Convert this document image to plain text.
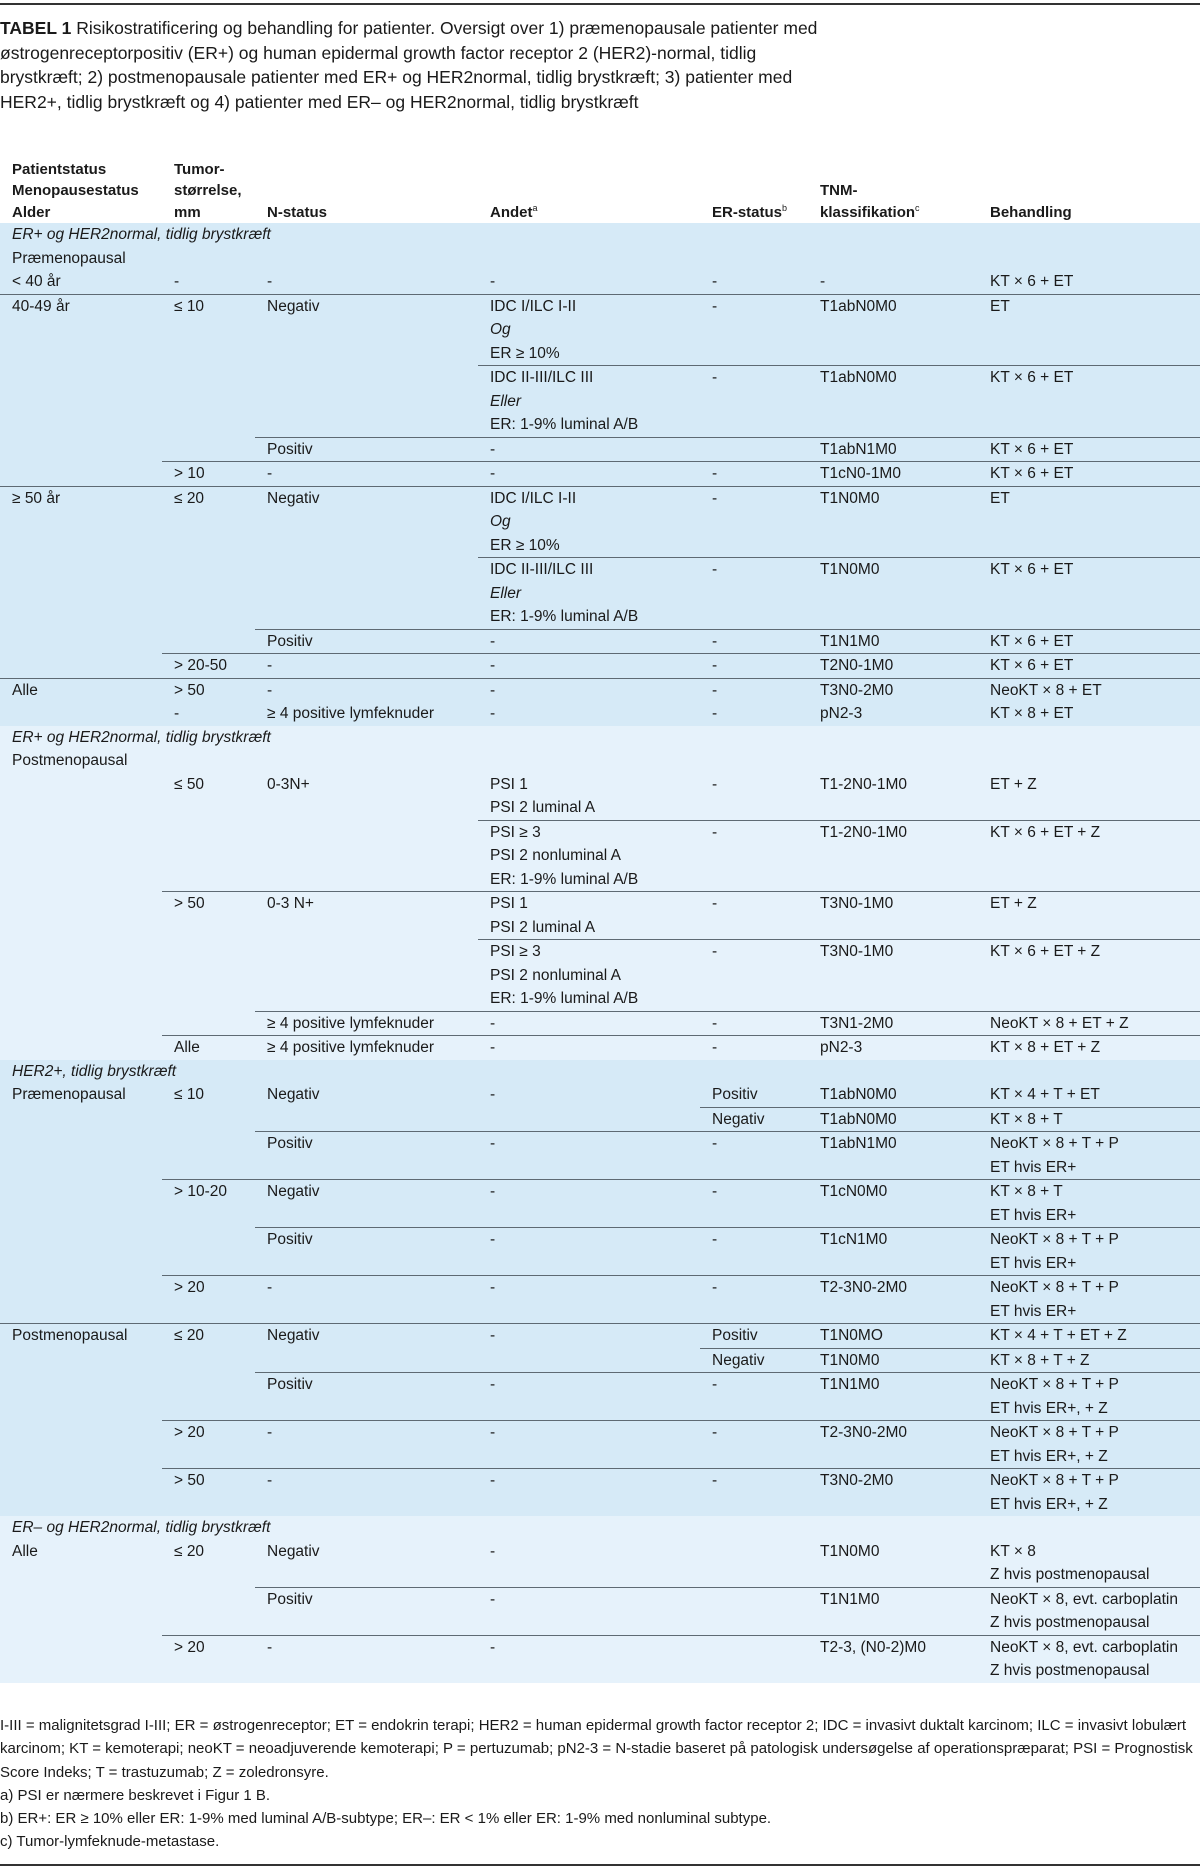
TABEL 1 Risikostratificering og behandling for patienter. Oversigt over 1) præmenopausale patienter med østrogenreceptorpositiv (ER+) og human epidermal growth factor receptor 2 (HER2)-normal, tidlig brystkræft; 2) postmenopausale patienter med ER+ og HER2normal, tidlig brystkræft; 3) patienter med HER2+, tidlig brystkræft og 4) patienter med ER– og HER2normal, tidlig brystkræft
Patientstatus
Menopausestatus
Alder	Tumor-
størrelse,
mm	N-status	Andet$^a$	ER-status$^b$	TNM-
klassifikation$^c$	Behandling
ER+ og HER2normal, tidlig brystkræft						
Præmenopausal						
< 40 år	-	-	-	-	-	KT × 6 + ET
40-49 år	≤ 10	Negativ	IDC I/ILC I-II
Og
ER ≥ 10%	-	T1abN0M0	ET
			IDC II-III/ILC III
Eller
ER: 1-9% luminal A/B	-	T1abN0M0	KT × 6 + ET
		Positiv	-		T1abN1M0	KT × 6 + ET
	> 10	-	-	-	T1cN0-1M0	KT × 6 + ET
≥ 50 år	≤ 20	Negativ	IDC I/ILC I-II
Og
ER ≥ 10%	-	T1N0M0	ET
			IDC II-III/ILC III
Eller
ER: 1-9% luminal A/B	-	T1N0M0	KT × 6 + ET
		Positiv	-	-	T1N1M0	KT × 6 + ET
	> 20-50	-	-	-	T2N0-1M0	KT × 6 + ET
Alle	> 50	-	-	-	T3N0-2M0	NeoKT × 8 + ET
	-	≥ 4 positive lymfeknuder	-	-	pN2-3	KT × 8 + ET
ER+ og HER2normal, tidlig brystkræft						
Postmenopausal						
	≤ 50	0-3N+	PSI 1
PSI 2 luminal A	-	T1-2N0-1M0	ET + Z
			PSI ≥ 3
PSI 2 nonluminal A
ER: 1-9% luminal A/B	-	T1-2N0-1M0	KT × 6 + ET + Z
	> 50	0-3 N+	PSI 1
PSI 2 luminal A	-	T3N0-1M0	ET + Z
			PSI ≥ 3
PSI 2 nonluminal A
ER: 1-9% luminal A/B	-	T3N0-1M0	KT × 6 + ET + Z
		≥ 4 positive lymfeknuder	-	-	T3N1-2M0	NeoKT × 8 + ET + Z
	Alle	≥ 4 positive lymfeknuder	-	-	pN2-3	KT × 8 + ET + Z
HER2+, tidlig brystkræft						
Præmenopausal	≤ 10	Negativ	-	Positiv	T1abN0M0	KT × 4 + T + ET
				Negativ	T1abN0M0	KT × 8 + T
		Positiv	-	-	T1abN1M0	NeoKT × 8 + T + P
ET hvis ER+
	> 10-20	Negativ	-	-	T1cN0M0	KT × 8 + T
ET hvis ER+
		Positiv	-	-	T1cN1M0	NeoKT × 8 + T + P
ET hvis ER+
	> 20	-	-	-	T2-3N0-2M0	NeoKT × 8 + T + P
ET hvis ER+
Postmenopausal	≤ 20	Negativ	-	Positiv	T1N0MO	KT × 4 + T + ET + Z
				Negativ	T1N0M0	KT × 8 + T + Z
		Positiv	-	-	T1N1M0	NeoKT × 8 + T + P
ET hvis ER+, + Z
	> 20	-	-	-	T2-3N0-2M0	NeoKT × 8 + T + P
ET hvis ER+, + Z
	> 50	-	-	-	T3N0-2M0	NeoKT × 8 + T + P
ET hvis ER+, + Z
ER– og HER2normal, tidlig brystkræft						
Alle	≤ 20	Negativ	-		T1N0M0	KT × 8
Z hvis postmenopausal
		Positiv	-		T1N1M0	NeoKT × 8, evt. carboplatin
Z hvis postmenopausal
	> 20	-	-		T2-3, (N0-2)M0	NeoKT × 8, evt. carboplatin
Z hvis postmenopausal

I-III = malignitetsgrad I-III; ER = østrogenreceptor; ET = endokrin terapi; HER2 = human epidermal growth factor receptor 2; IDC = invasivt duktalt karcinom; ILC = invasivt lobulært karcinom; KT = kemoterapi; neoKT = neoadjuverende kemoterapi; P = pertuzumab; pN2-3 = N-stadie baseret på patologisk undersøgelse af operationspræparat; PSI = Prognostisk Score Indeks; T = trastuzumab; Z = zoledronsyre.

a) PSI er nærmere beskrevet i Figur 1 B.

b) ER+: ER ≥ 10% eller ER: 1-9% med luminal A/B-subtype; ER–: ER < 1% eller ER: 1-9% med nonluminal subtype.

c) Tumor-lymfeknude-metastase.
